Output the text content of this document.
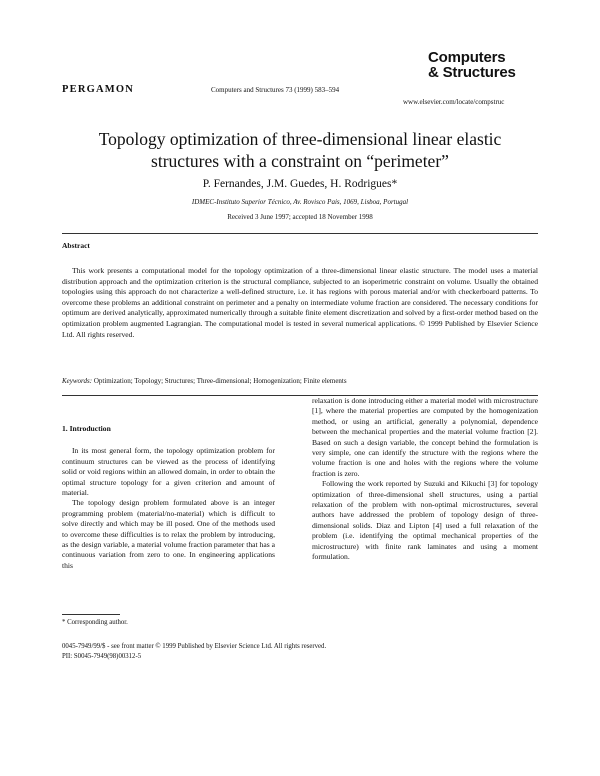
PERGAMON	Computers and Structures 73 (1999) 583–594
Computers
& Structures
www.elsevier.com/locate/compstruc
Topology optimization of three-dimensional linear elastic
structures with a constraint on “perimeter”
P. Fernandes, J.M. Guedes, H. Rodrigues*
IDMEC-Instituto Superior Técnico, Av. Rovisco Pais, 1069, Lisboa, Portugal
Received 3 June 1997; accepted 18 November 1998
Abstract
This work presents a computational model for the topology optimization of a three-dimensional linear elastic structure. The model uses a material distribution approach and the optimization criterion is the structural compliance, subjected to an isoperimetric constraint on volume. Usually the obtained topologies using this approach do not characterize a well-defined structure, i.e. it has regions with porous material and/or with checkerboard patterns. To overcome these problems an additional constraint on perimeter and a penalty on intermediate volume fraction are considered. The necessary conditions for optimum are derived analytically, approximated numerically through a suitable finite element discretization and solved by a first-order method based on the optimization problem augmented Lagrangian. The computational model is tested in several numerical applications. © 1999 Published by Elsevier Science Ltd. All rights reserved.
Keywords: Optimization; Topology; Structures; Three-dimensional; Homogenization; Finite elements
1. Introduction

In its most general form, the topology optimization problem for continuum structures can be viewed as the process of identifying solid or void regions within an allowed domain, in order to obtain the optimal structure topology for a given criterion and amount of material.

The topology design problem formulated above is an integer programming problem (material/no-material) which is difficult to solve directly and which may be ill posed. One of the methods used to overcome these difficulties is to relax the problem by introducing, as the design variable, a material volume fraction parameter that has a continuous variation from zero to one. In engineering applications this

relaxation is done introducing either a material model with microstructure [1], where the material properties are computed by the homogenization method, or using an artificial, generally a polynomial, dependence between the mechanical properties and the material volume fraction [2]. Based on such a design variable, the concept behind the formulation is very simple, one can identify the structure with the regions where the volume fraction is one and holes with the regions where the volume fraction is zero.

Following the work reported by Suzuki and Kikuchi [3] for topology optimization of three-dimensional shell structures, using a partial relaxation of the problem with non-optimal microstructures, several authors have addressed the problem of topology design of three-dimensional solids. Diaz and Lipton [4] used a full relaxation of the problem (i.e. identifying the optimal mechanical properties of the microstructure) with finite rank laminates and using a moment formulation.

* Corresponding author.
0045-7949/99/$ - see front matter © 1999 Published by Elsevier Science Ltd. All rights reserved.
PII: S0045-7949(98)00312-5
